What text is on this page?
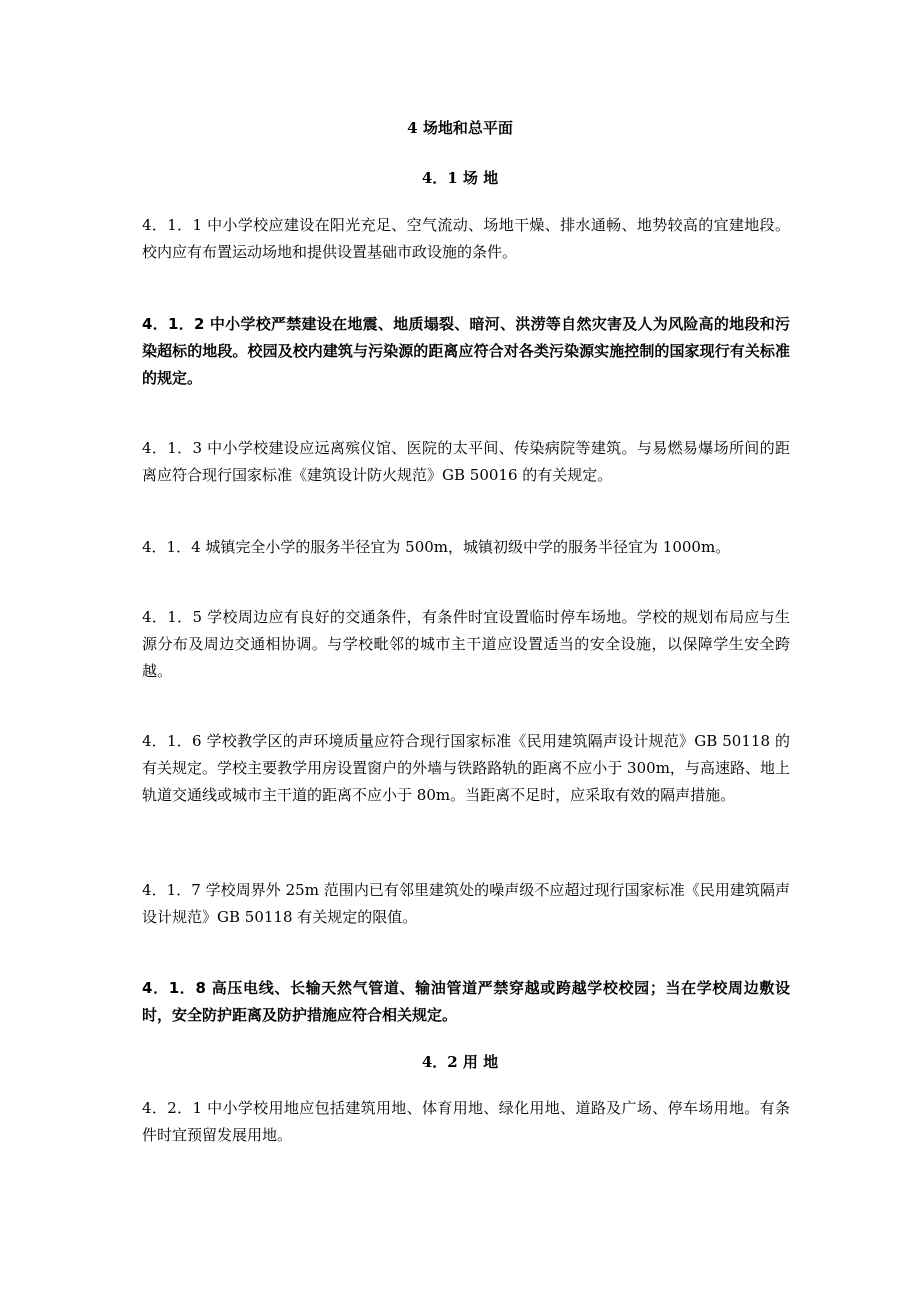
4 场地和总平面
4．1 场 地
4．1．1 中小学校应建设在阳光充足、空气流动、场地干燥、排水通畅、地势较高的宜建地段。校内应有布置运动场地和提供设置基础市政设施的条件。
4．1．2 中小学校严禁建设在地震、地质塌裂、暗河、洪涝等自然灾害及人为风险高的地段和污染超标的地段。校园及校内建筑与污染源的距离应符合对各类污染源实施控制的国家现行有关标准的规定。
4．1．3 中小学校建设应远离殡仪馆、医院的太平间、传染病院等建筑。与易燃易爆场所间的距离应符合现行国家标准《建筑设计防火规范》GB 50016 的有关规定。
4．1．4 城镇完全小学的服务半径宜为 500m，城镇初级中学的服务半径宜为 1000m。
4．1．5 学校周边应有良好的交通条件，有条件时宜设置临时停车场地。学校的规划布局应与生源分布及周边交通相协调。与学校毗邻的城市主干道应设置适当的安全设施，以保障学生安全跨越。
4．1．6 学校教学区的声环境质量应符合现行国家标准《民用建筑隔声设计规范》GB 50118 的有关规定。学校主要教学用房设置窗户的外墙与铁路路轨的距离不应小于 300m，与高速路、地上轨道交通线或城市主干道的距离不应小于 80m。当距离不足时，应采取有效的隔声措施。
4．1．7 学校周界外 25m 范围内已有邻里建筑处的噪声级不应超过现行国家标准《民用建筑隔声设计规范》GB 50118 有关规定的限值。
4．1．8 高压电线、长输天然气管道、输油管道严禁穿越或跨越学校校园；当在学校周边敷设时，安全防护距离及防护措施应符合相关规定。
4．2 用 地
4．2．1 中小学校用地应包括建筑用地、体育用地、绿化用地、道路及广场、停车场用地。有条件时宜预留发展用地。
